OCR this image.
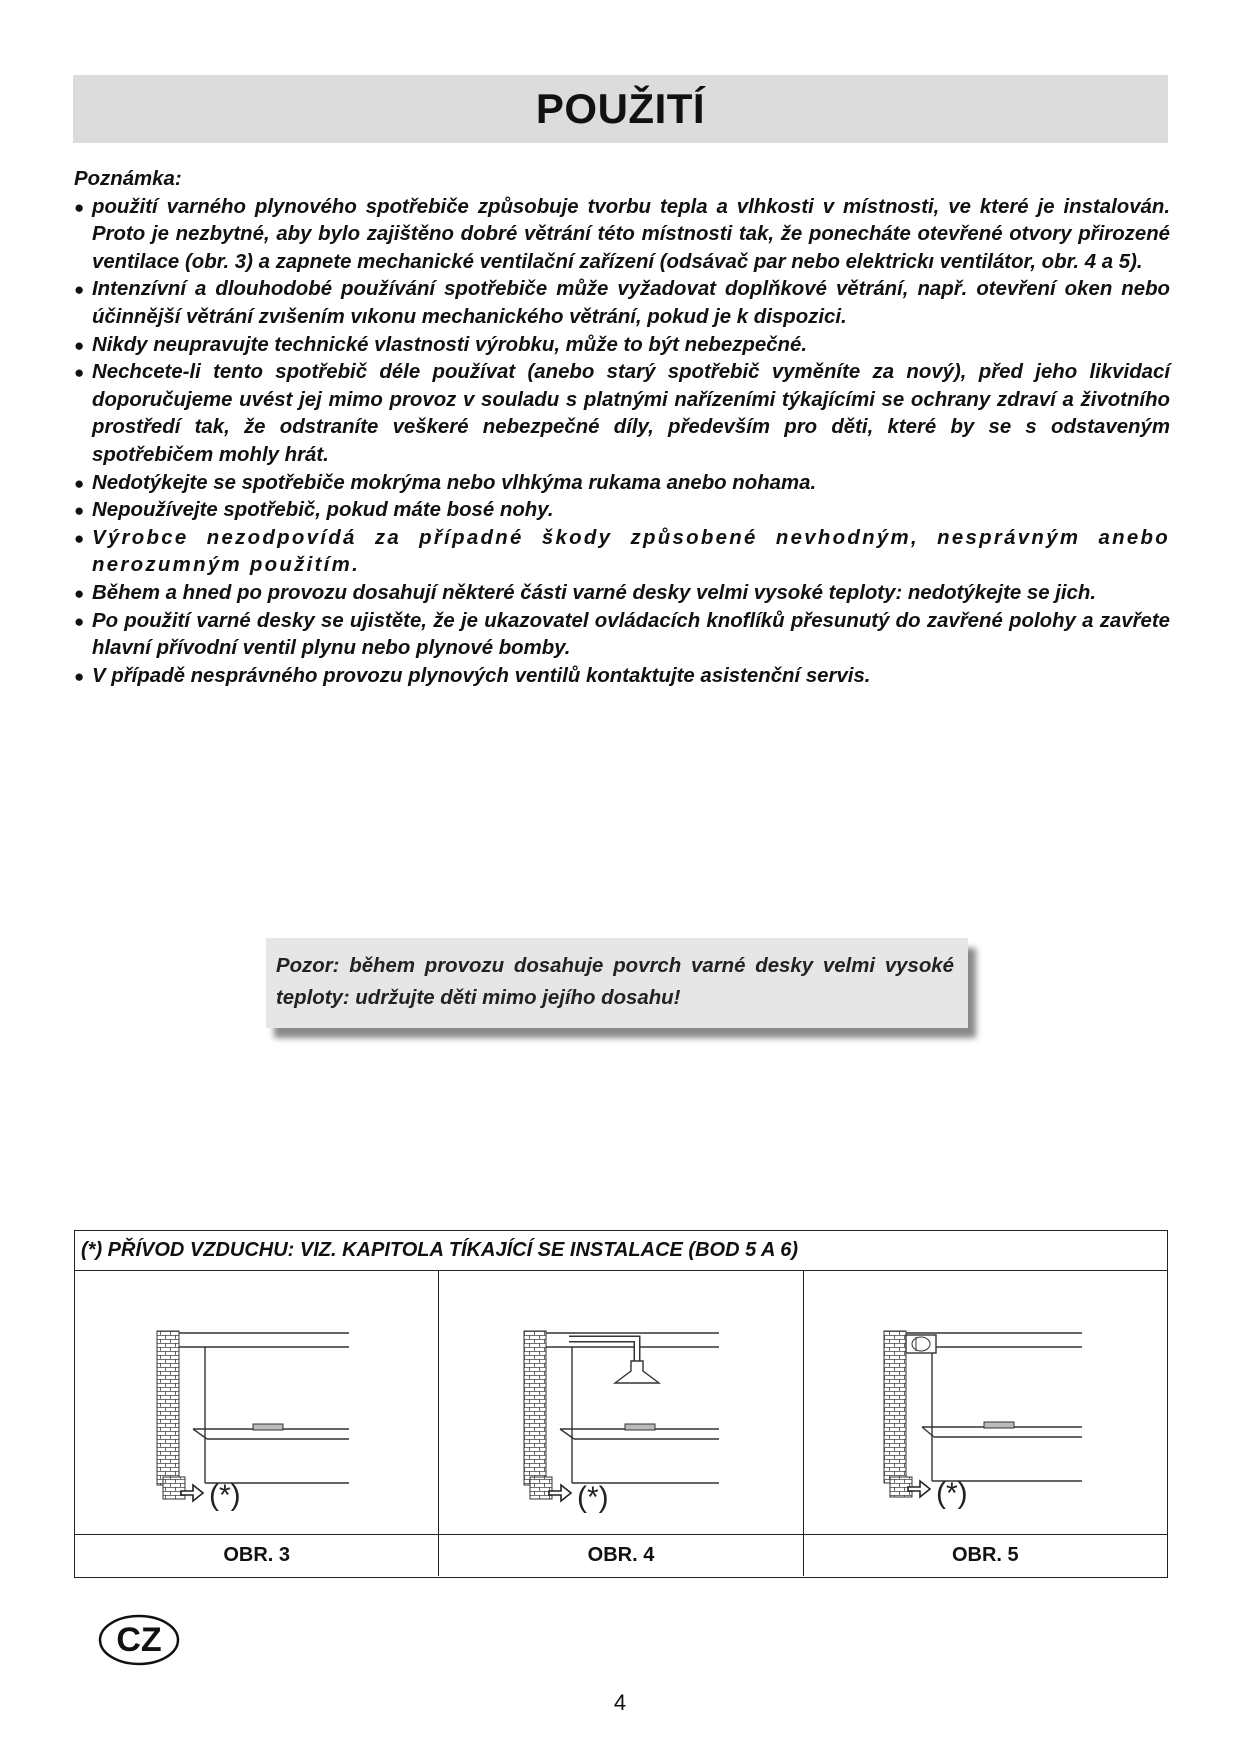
POUŽITÍ

Poznámka:

● použití varného plynového spotřebiče způsobuje tvorbu tepla a vlhkosti v místnosti, ve které je instalován. Proto je nezbytné, aby bylo zajištěno dobré větrání této místnosti tak, že ponecháte otevřené otvory přirozené ventilace (obr. 3) a zapnete mechanické ventilační zařízení (odsávač par nebo elektrickı ventilátor, obr. 4 a 5).
● Intenzívní a dlouhodobé používání spotřebiče může vyžadovat doplňkové větrání, např. otevření oken nebo účinnější větrání zvıšením vıkonu mechanického větrání, pokud je k dispozici.
● Nikdy neupravujte technické vlastnosti výrobku, může to být nebezpečné.
● Nechcete-li tento spotřebič déle používat (anebo starý spotřebič vyměníte za nový), před jeho likvidací doporučujeme uvést jej mimo provoz v souladu s platnými nařízeními týkajícími se ochrany zdraví a životního prostředí tak, že odstraníte veškeré nebezpečné díly, především pro děti, které by se s odstaveným spotřebičem mohly hrát.
● Nedotýkejte se spotřebiče mokrýma nebo vlhkýma rukama anebo nohama.
● Nepoužívejte spotřebič, pokud máte bosé nohy.
● Výrobce nezodpovídá za případné škody způsobené nevhodným, nesprávným anebo nerozumným použitím.
● Během a hned po provozu dosahují některé části varné desky velmi vysoké teploty: nedotýkejte se jich.
● Po použití varné desky se ujistěte, že je ukazovatel ovládacích knoflíků přesunutý do zavřené polohy a zavřete hlavní přívodní ventil plynu nebo plynové bomby.
● V případě nesprávného provozu plynových ventilů kontaktujte asistenční servis.

Pozor: během provozu dosahuje povrch varné desky velmi vysoké teploty: udržujte děti mimo jejího dosahu!

(*) PŘÍVOD VZDUCHU: VIZ. KAPITOLA TÍKAJÍCÍ SE INSTALACE (BOD 5 A 6)
(*)	(*)	(*)
OBR. 3	OBR. 4	OBR. 5
CZ
4
